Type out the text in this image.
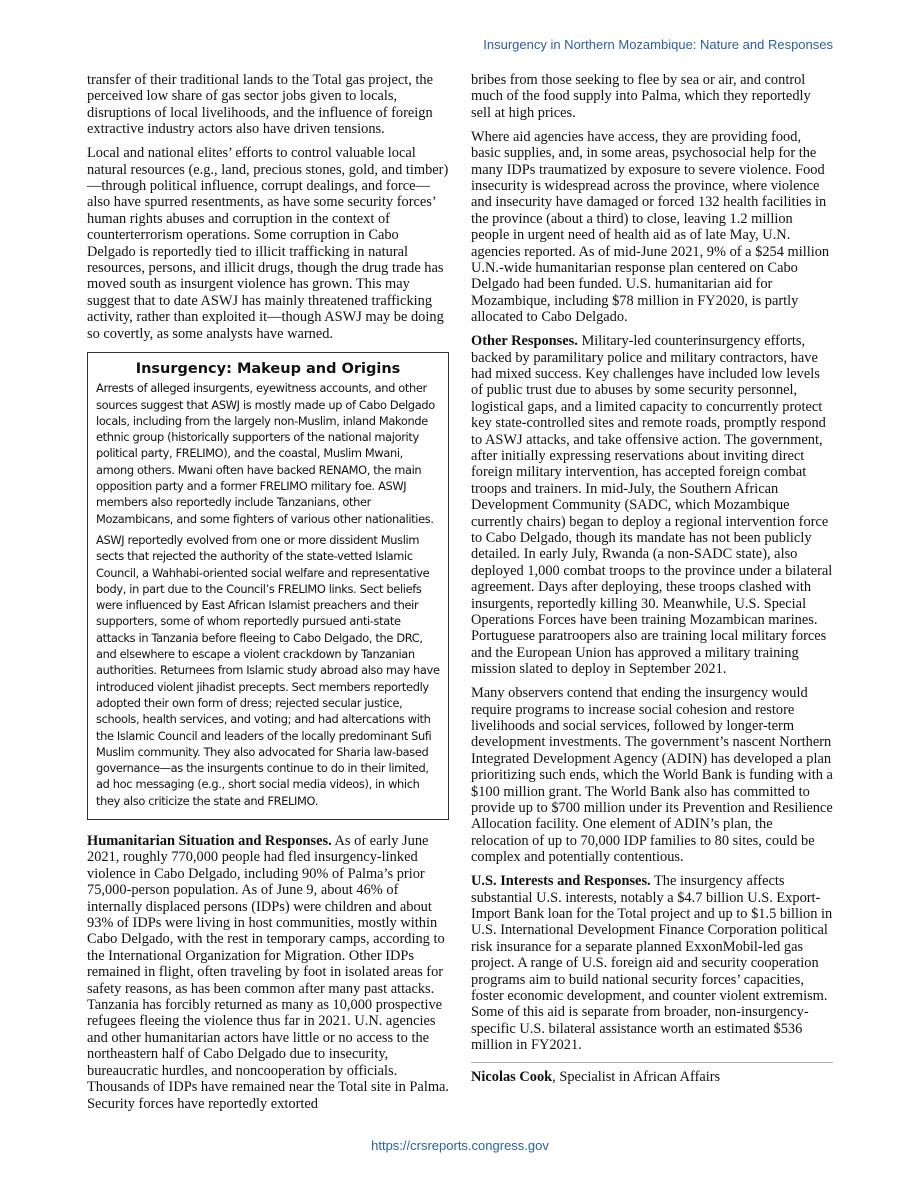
Insurgency in Northern Mozambique: Nature and Responses

transfer of their traditional lands to the Total gas project, the perceived low share of gas sector jobs given to locals, disruptions of local livelihoods, and the influence of foreign extractive industry actors also have driven tensions.

Local and national elites’ efforts to control valuable local natural resources (e.g., land, precious stones, gold, and timber)—through political influence, corrupt dealings, and force—also have spurred resentments, as have some security forces’ human rights abuses and corruption in the context of counterterrorism operations. Some corruption in Cabo Delgado is reportedly tied to illicit trafficking in natural resources, persons, and illicit drugs, though the drug trade has moved south as insurgent violence has grown. This may suggest that to date ASWJ has mainly threatened trafficking activity, rather than exploited it—though ASWJ may be doing so covertly, as some analysts have warned.

Insurgency: Makeup and Origins

Arrests of alleged insurgents, eyewitness accounts, and other sources suggest that ASWJ is mostly made up of Cabo Delgado locals, including from the largely non-Muslim, inland Makonde ethnic group (historically supporters of the national majority political party, FRELIMO), and the coastal, Muslim Mwani, among others. Mwani often have backed RENAMO, the main opposition party and a former FRELIMO military foe. ASWJ members also reportedly include Tanzanians, other Mozambicans, and some fighters of various other nationalities.

ASWJ reportedly evolved from one or more dissident Muslim sects that rejected the authority of the state-vetted Islamic Council, a Wahhabi-oriented social welfare and representative body, in part due to the Council’s FRELIMO links. Sect beliefs were influenced by East African Islamist preachers and their supporters, some of whom reportedly pursued anti-state attacks in Tanzania before fleeing to Cabo Delgado, the DRC, and elsewhere to escape a violent crackdown by Tanzanian authorities. Returnees from Islamic study abroad also may have introduced violent jihadist precepts. Sect members reportedly adopted their own form of dress; rejected secular justice, schools, health services, and voting; and had altercations with the Islamic Council and leaders of the locally predominant Sufi Muslim community. They also advocated for Sharia law-based governance—as the insurgents continue to do in their limited, ad hoc messaging (e.g., short social media videos), in which they also criticize the state and FRELIMO.

Humanitarian Situation and Responses. As of early June 2021, roughly 770,000 people had fled insurgency-linked violence in Cabo Delgado, including 90% of Palma’s prior 75,000-person population. As of June 9, about 46% of internally displaced persons (IDPs) were children and about 93% of IDPs were living in host communities, mostly within Cabo Delgado, with the rest in temporary camps, according to the International Organization for Migration. Other IDPs remained in flight, often traveling by foot in isolated areas for safety reasons, as has been common after many past attacks. Tanzania has forcibly returned as many as 10,000 prospective refugees fleeing the violence thus far in 2021. U.N. agencies and other humanitarian actors have little or no access to the northeastern half of Cabo Delgado due to insecurity, bureaucratic hurdles, and noncooperation by officials. Thousands of IDPs have remained near the Total site in Palma. Security forces have reportedly extorted

bribes from those seeking to flee by sea or air, and control much of the food supply into Palma, which they reportedly sell at high prices.

Where aid agencies have access, they are providing food, basic supplies, and, in some areas, psychosocial help for the many IDPs traumatized by exposure to severe violence. Food insecurity is widespread across the province, where violence and insecurity have damaged or forced 132 health facilities in the province (about a third) to close, leaving 1.2 million people in urgent need of health aid as of late May, U.N. agencies reported. As of mid-June 2021, 9% of a $254 million U.N.-wide humanitarian response plan centered on Cabo Delgado had been funded. U.S. humanitarian aid for Mozambique, including $78 million in FY2020, is partly allocated to Cabo Delgado.

Other Responses. Military-led counterinsurgency efforts, backed by paramilitary police and military contractors, have had mixed success. Key challenges have included low levels of public trust due to abuses by some security personnel, logistical gaps, and a limited capacity to concurrently protect key state-controlled sites and remote roads, promptly respond to ASWJ attacks, and take offensive action. The government, after initially expressing reservations about inviting direct foreign military intervention, has accepted foreign combat troops and trainers. In mid-July, the Southern African Development Community (SADC, which Mozambique currently chairs) began to deploy a regional intervention force to Cabo Delgado, though its mandate has not been publicly detailed. In early July, Rwanda (a non-SADC state), also deployed 1,000 combat troops to the province under a bilateral agreement. Days after deploying, these troops clashed with insurgents, reportedly killing 30. Meanwhile, U.S. Special Operations Forces have been training Mozambican marines. Portuguese paratroopers also are training local military forces and the European Union has approved a military training mission slated to deploy in September 2021.

Many observers contend that ending the insurgency would require programs to increase social cohesion and restore livelihoods and social services, followed by longer-term development investments. The government’s nascent Northern Integrated Development Agency (ADIN) has developed a plan prioritizing such ends, which the World Bank is funding with a $100 million grant. The World Bank also has committed to provide up to $700 million under its Prevention and Resilience Allocation facility. One element of ADIN’s plan, the relocation of up to 70,000 IDP families to 80 sites, could be complex and potentially contentious.

U.S. Interests and Responses. The insurgency affects substantial U.S. interests, notably a $4.7 billion U.S. Export-Import Bank loan for the Total project and up to $1.5 billion in U.S. International Development Finance Corporation political risk insurance for a separate planned ExxonMobil-led gas project. A range of U.S. foreign aid and security cooperation programs aim to build national security forces’ capacities, foster economic development, and counter violent extremism. Some of this aid is separate from broader, non-insurgency-specific U.S. bilateral assistance worth an estimated $536 million in FY2021.

Nicolas Cook, Specialist in African Affairs

https://crsreports.congress.gov
